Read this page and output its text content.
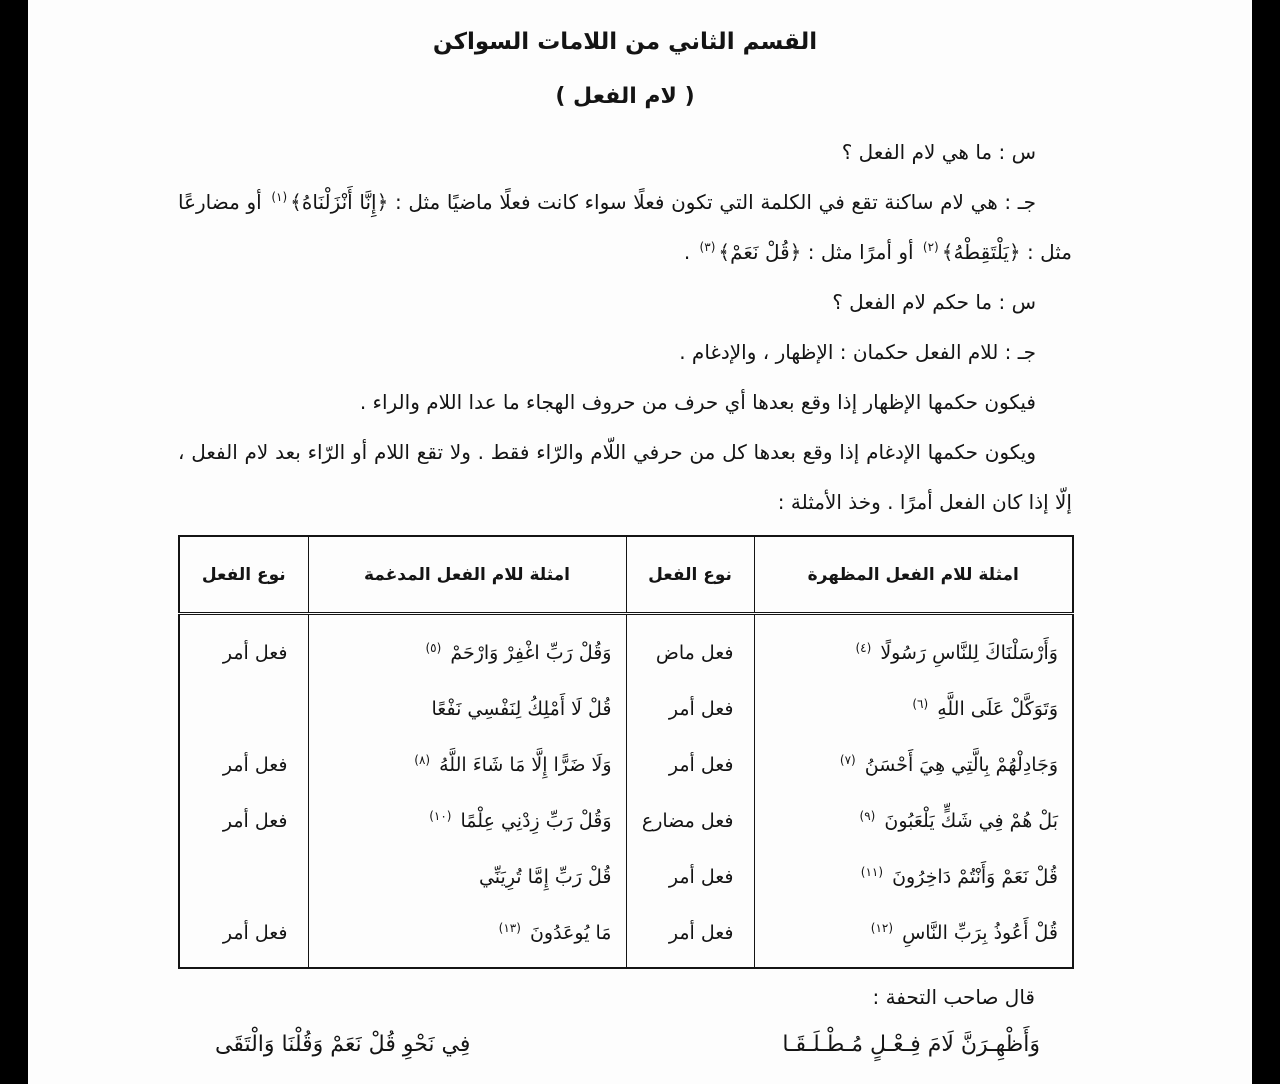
القسم الثاني من اللامات السواكن
( لام الفعل )

س : ما هي لام الفعل ؟

جـ : هي لام ساكنة تقع في الكلمة التي تكون فعلًا سواء كانت فعلًا ماضيًا مثل : ﴿إِنَّا أَنْزَلْنَاهُ﴾$^{(١)}$ أو مضارعًا مثل : ﴿يَلْتَقِطْهُ﴾$^{(٢)}$ أو أمرًا مثل : ﴿قُلْ نَعَمْ﴾$^{(٣)}$ .

س : ما حكم لام الفعل ؟

جـ : للام الفعل حكمان : الإظهار ، والإدغام .

فيكون حكمها الإظهار إذا وقع بعدها أي حرف من حروف الهجاء ما عدا اللام والراء .

ويكون حكمها الإدغام إذا وقع بعدها كل من حرفي اللّام والرّاء فقط . ولا تقع اللام أو الرّاء بعد لام الفعل ، إلّا إذا كان الفعل أمرًا . وخذ الأمثلة :

امثلة للام الفعل المظهرة	نوع الفعل	امثلة للام الفعل المدغمة	نوع الفعل
وَأَرْسَلْنَاكَ لِلنَّاسِ رَسُولًا $^{(٤)}$	فعل ماض	وَقُلْ رَبِّ اغْفِرْ وَارْحَمْ $^{(٥)}$	فعل أمر
وَتَوَكَّلْ عَلَى اللَّهِ $^{(٦)}$	فعل أمر	قُلْ لَا أَمْلِكُ لِنَفْسِي نَفْعًا	
وَجَادِلْهُمْ بِالَّتِي هِيَ أَحْسَنُ $^{(٧)}$	فعل أمر	وَلَا ضَرًّا إِلَّا مَا شَاءَ اللَّهُ $^{(٨)}$	فعل أمر
بَلْ هُمْ فِي شَكٍّ يَلْعَبُونَ $^{(٩)}$	فعل مضارع	وَقُلْ رَبِّ زِدْنِي عِلْمًا $^{(١٠)}$	فعل أمر
قُلْ نَعَمْ وَأَنْتُمْ دَاخِرُونَ $^{(١١)}$	فعل أمر	قُلْ رَبِّ إِمَّا تُرِيَنِّي	
قُلْ أَعُوذُ بِرَبِّ النَّاسِ $^{(١٢)}$	فعل أمر	مَا يُوعَدُونَ $^{(١٣)}$	فعل أمر
قال صاحب التحفة :
وَأَظْهِـرَنَّ لَامَ فِـعْـلٍ مُـطْـلَـقَـا
فِي نَحْوِ قُلْ نَعَمْ وَقُلْنَا وَالْتَقَى
